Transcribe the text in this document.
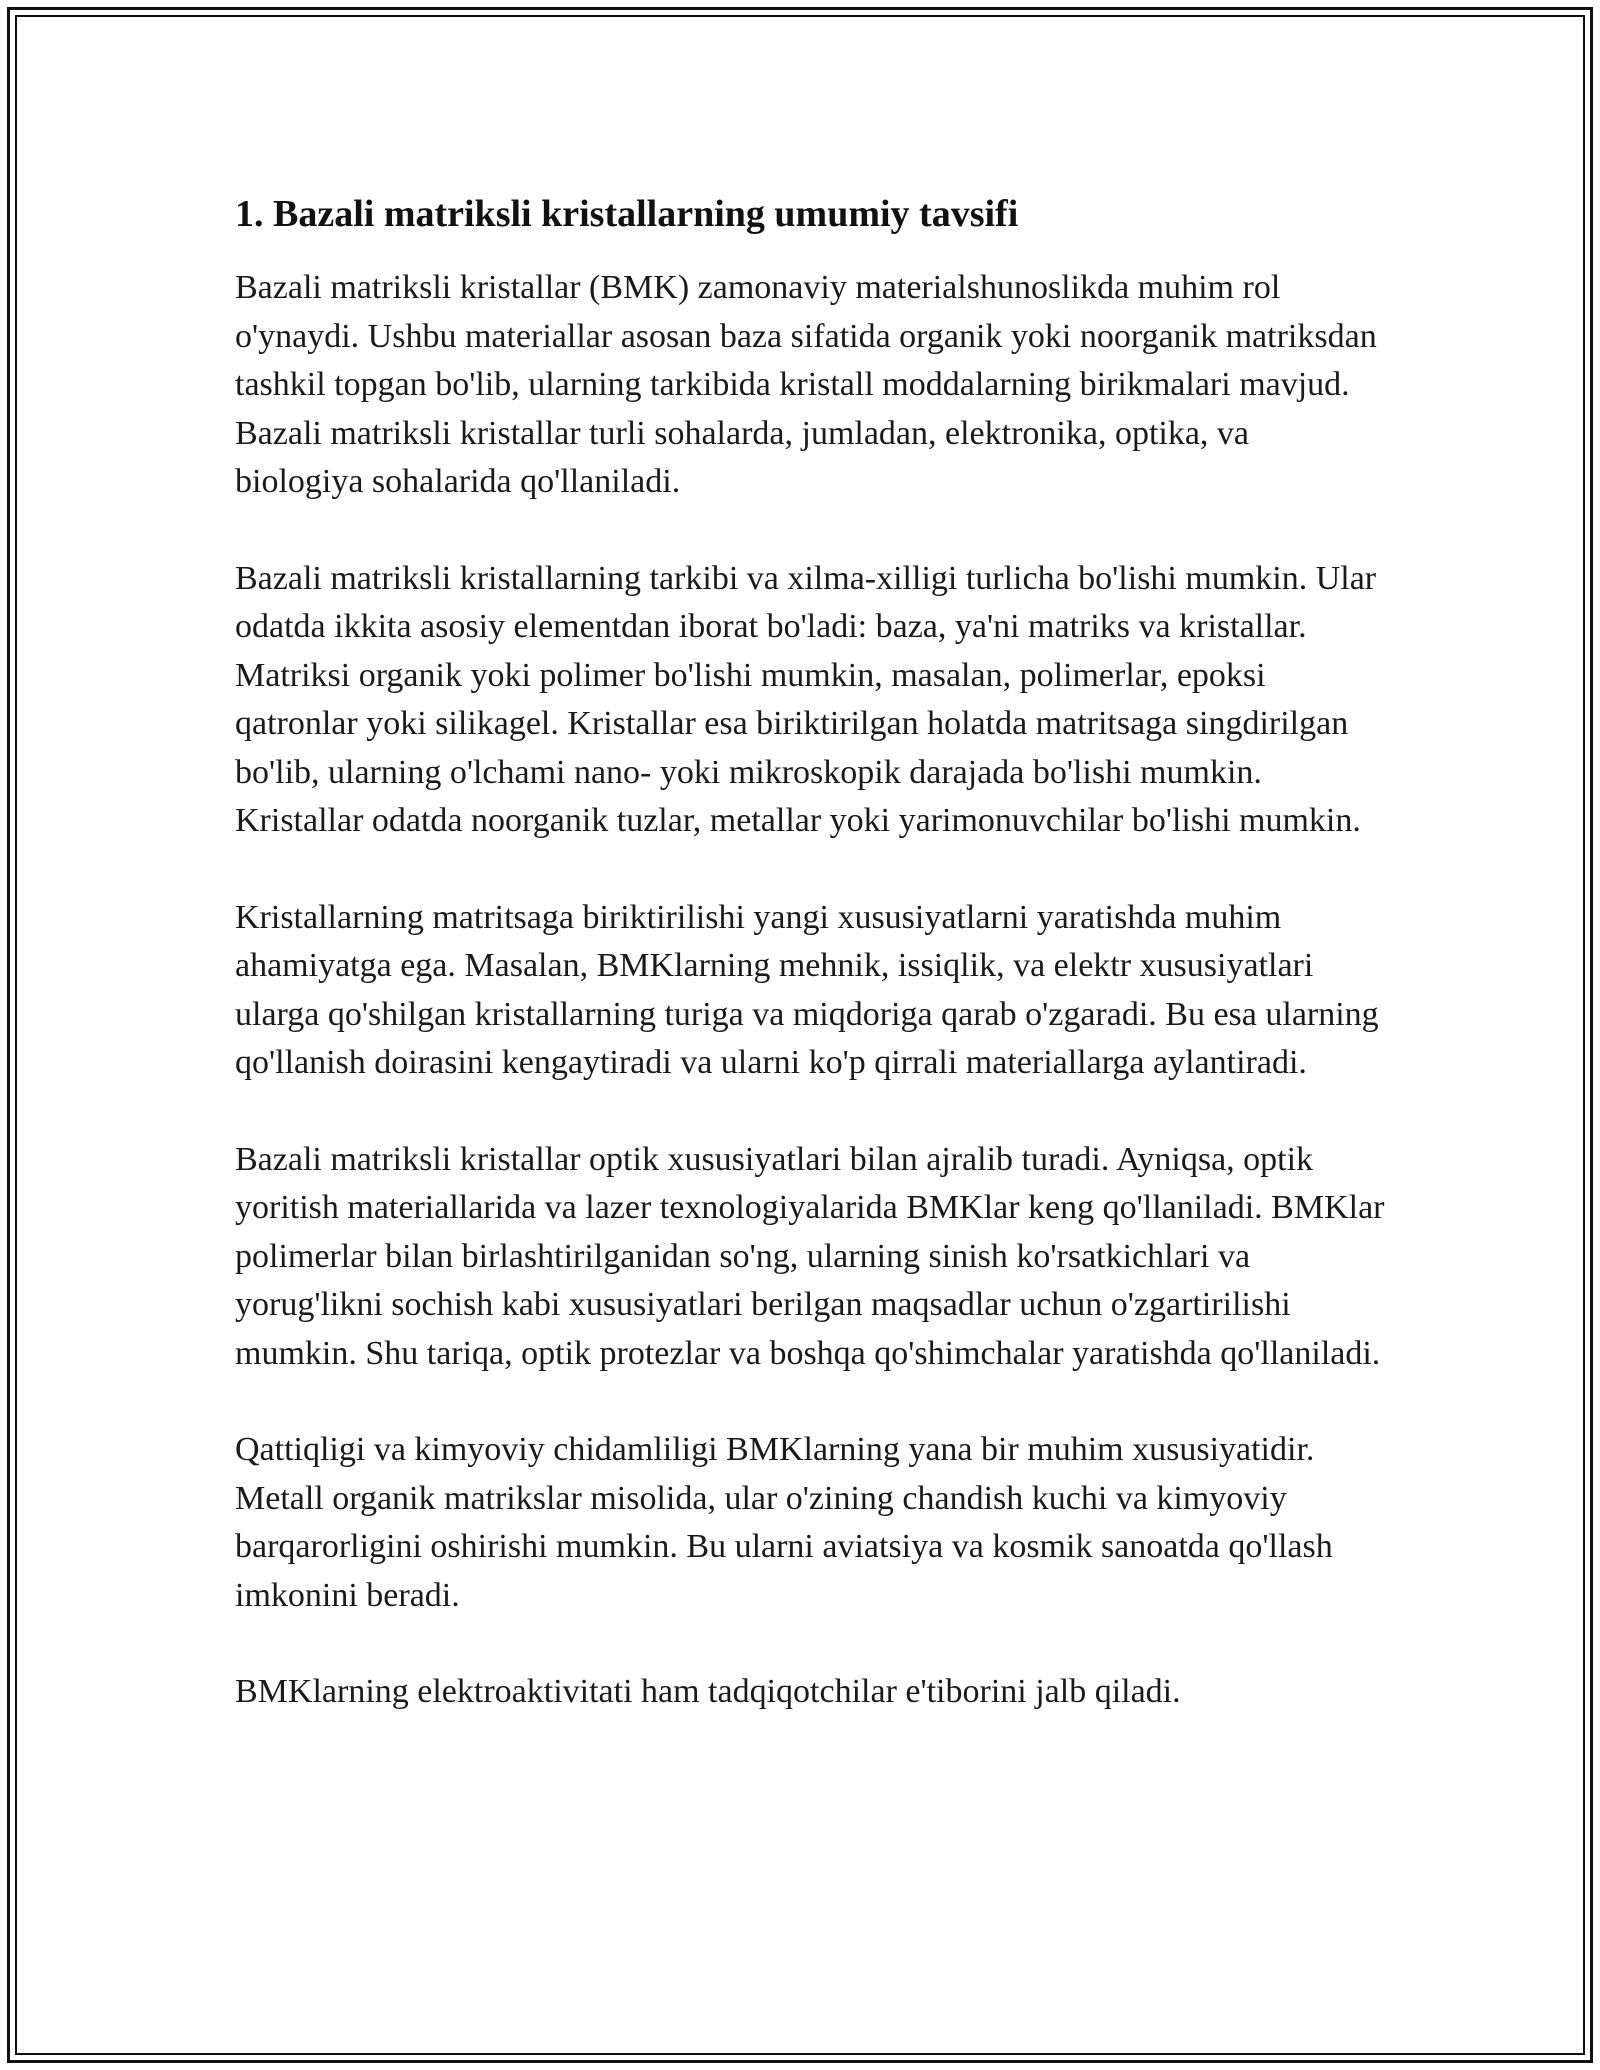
1. Bazali matriksli kristallarning umumiy tavsifi

Bazali matriksli kristallar (BMK) zamonaviy materialshunoslikda muhim rol o'ynaydi. Ushbu materiallar asosan baza sifatida organik yoki noorganik matriksdan tashkil topgan bo'lib, ularning tarkibida kristall moddalarning birikmalari mavjud. Bazali matriksli kristallar turli sohalarda, jumladan, elektronika, optika, va biologiya sohalarida qo'llaniladi.

Bazali matriksli kristallarning tarkibi va xilma-xilligi turlicha bo'lishi mumkin. Ular odatda ikkita asosiy elementdan iborat bo'ladi: baza, ya'ni matriks va kristallar. Matriksi organik yoki polimer bo'lishi mumkin, masalan, polimerlar, epoksi qatronlar yoki silikagel. Kristallar esa biriktirilgan holatda matritsaga singdirilgan bo'lib, ularning o'lchami nano- yoki mikroskopik darajada bo'lishi mumkin. Kristallar odatda noorganik tuzlar, metallar yoki yarimonuvchilar bo'lishi mumkin.

Kristallarning matritsaga biriktirilishi yangi xususiyatlarni yaratishda muhim ahamiyatga ega. Masalan, BMKlarning mehnik, issiqlik, va elektr xususiyatlari ularga qo'shilgan kristallarning turiga va miqdoriga qarab o'zgaradi. Bu esa ularning qo'llanish doirasini kengaytiradi va ularni ko'p qirrali materiallarga aylantiradi.

Bazali matriksli kristallar optik xususiyatlari bilan ajralib turadi. Ayniqsa, optik yoritish materiallarida va lazer texnologiyalarida BMKlar keng qo'llaniladi. BMKlar polimerlar bilan birlashtirilganidan so'ng, ularning sinish ko'rsatkichlari va yorug'likni sochish kabi xususiyatlari berilgan maqsadlar uchun o'zgartirilishi mumkin. Shu tariqa, optik protezlar va boshqa qo'shimchalar yaratishda qo'llaniladi.

Qattiqligi va kimyoviy chidamliligi BMKlarning yana bir muhim xususiyatidir. Metall organik matrikslar misolida, ular o'zining chandish kuchi va kimyoviy barqarorligini oshirishi mumkin. Bu ularni aviatsiya va kosmik sanoatda qo'llash imkonini beradi.

BMKlarning elektroaktivitati ham tadqiqotchilar e'tiborini jalb qiladi.
